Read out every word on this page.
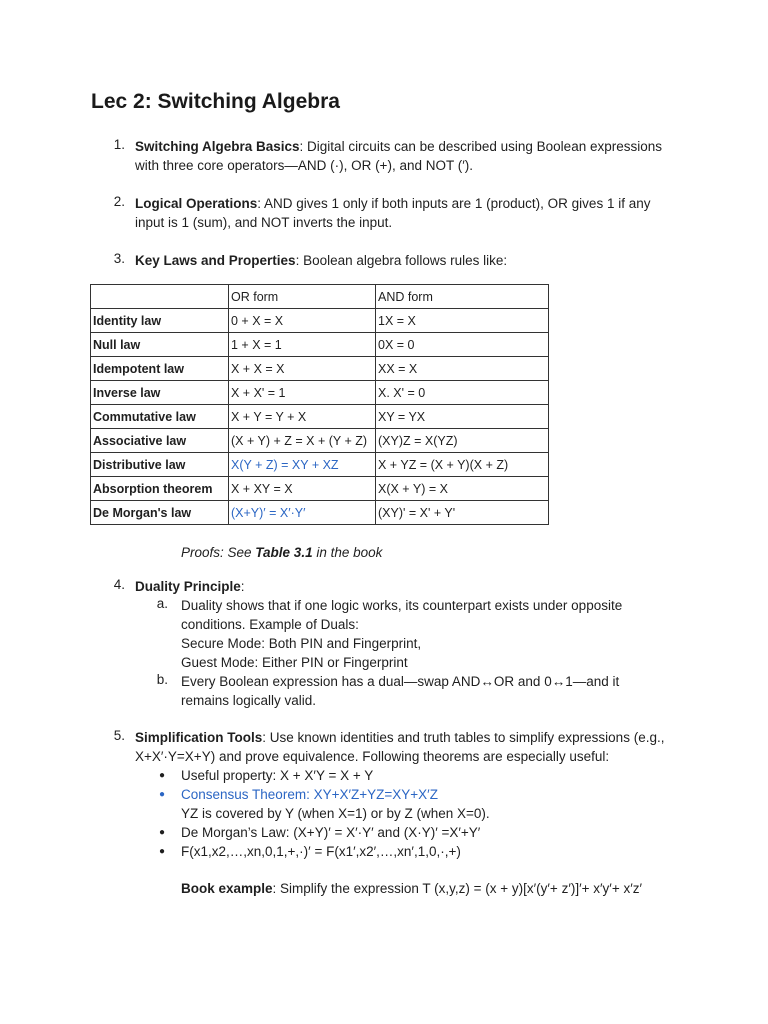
Lec 2: Switching Algebra
1. Switching Algebra Basics: Digital circuits can be described using Boolean expressions
with three core operators—AND (·), OR (+), and NOT (′).
2. Logical Operations: AND gives 1 only if both inputs are 1 (product), OR gives 1 if any
input is 1 (sum), and NOT inverts the input.
3. Key Laws and Properties: Boolean algebra follows rules like:
	OR form	AND form
Identity law	0 + X = X	1X = X
Null law	1 + X = 1	0X = 0
Idempotent law	X + X = X	XX = X
Inverse law	X + X' = 1	X. X' = 0
Commutative law	X + Y = Y + X	XY = YX
Associative law	(X + Y) + Z = X + (Y + Z)	(XY)Z = X(YZ)
Distributive law	X(Y + Z) = XY + XZ	X + YZ = (X + Y)(X + Z)
Absorption theorem	X + XY = X	X(X + Y) = X
De Morgan's law	(X+Y)′ = X′·Y′	(XY)' = X' + Y'
Proofs: See Table 3.1 in the book
4. Duality Principle:
a. Duality shows that if one logic works, its counterpart exists under opposite
conditions. Example of Duals:
Secure Mode: Both PIN and Fingerprint,
Guest Mode: Either PIN or Fingerprint
b. Every Boolean expression has a dual—swap AND↔OR and 0↔1—and it
remains logically valid.
5. Simplification Tools: Use known identities and truth tables to simplify expressions (e.g.,
X+X′·Y=X+Y) and prove equivalence. Following theorems are especially useful:
● Useful property: X + X′Y = X + Y
● Consensus Theorem: XY+X′Z+YZ=XY+X′Z
YZ is covered by Y (when X=1) or by Z (when X=0).
● De Morgan’s Law: (X+Y)′ = X′·Y′ and (X·Y)′ =X′+Y′
● F(x1,x2,…,xn,0,1,+,·)′ = F(x1′,x2′,…,xn′,1,0,·,+)
Book example: Simplify the expression T (x,y,z) = (x + y)[x′(y′+ z′)]′+ x′y′+ x′z′
